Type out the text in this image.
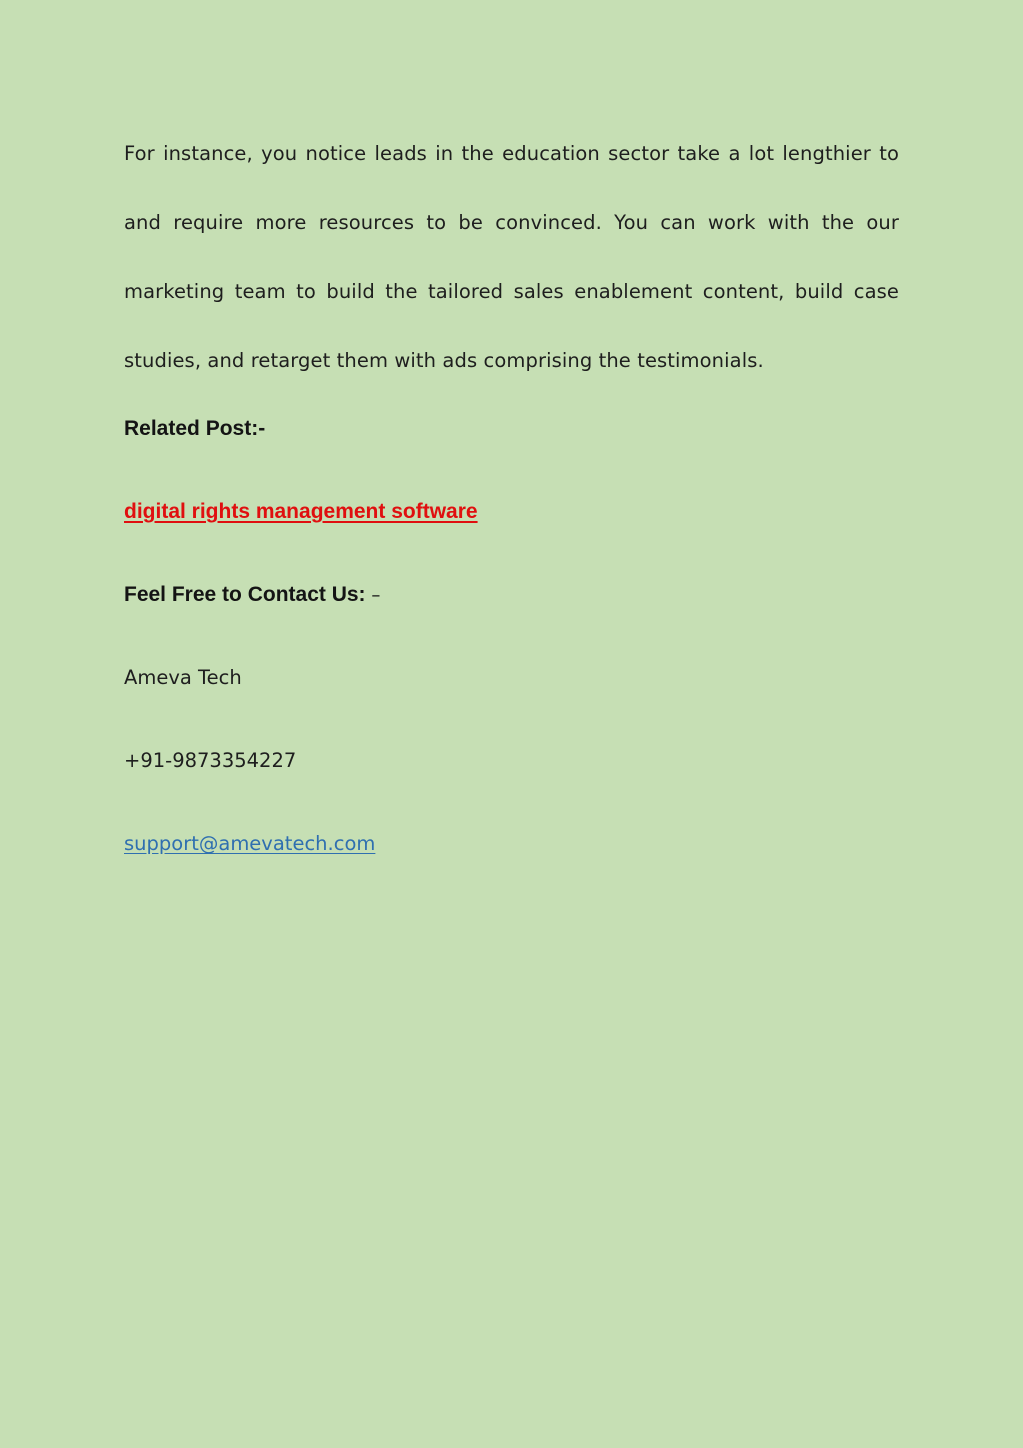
For instance, you notice leads in the education sector take a lot lengthier to
and require more resources to be convinced. You can work with the our
marketing team to build the tailored sales enablement content, build case
studies, and retarget them with ads comprising the testimonials.

Related Post:-

digital rights management software

Feel Free to Contact Us: –

Ameva Tech

+91-9873354227

support@amevatech.com
